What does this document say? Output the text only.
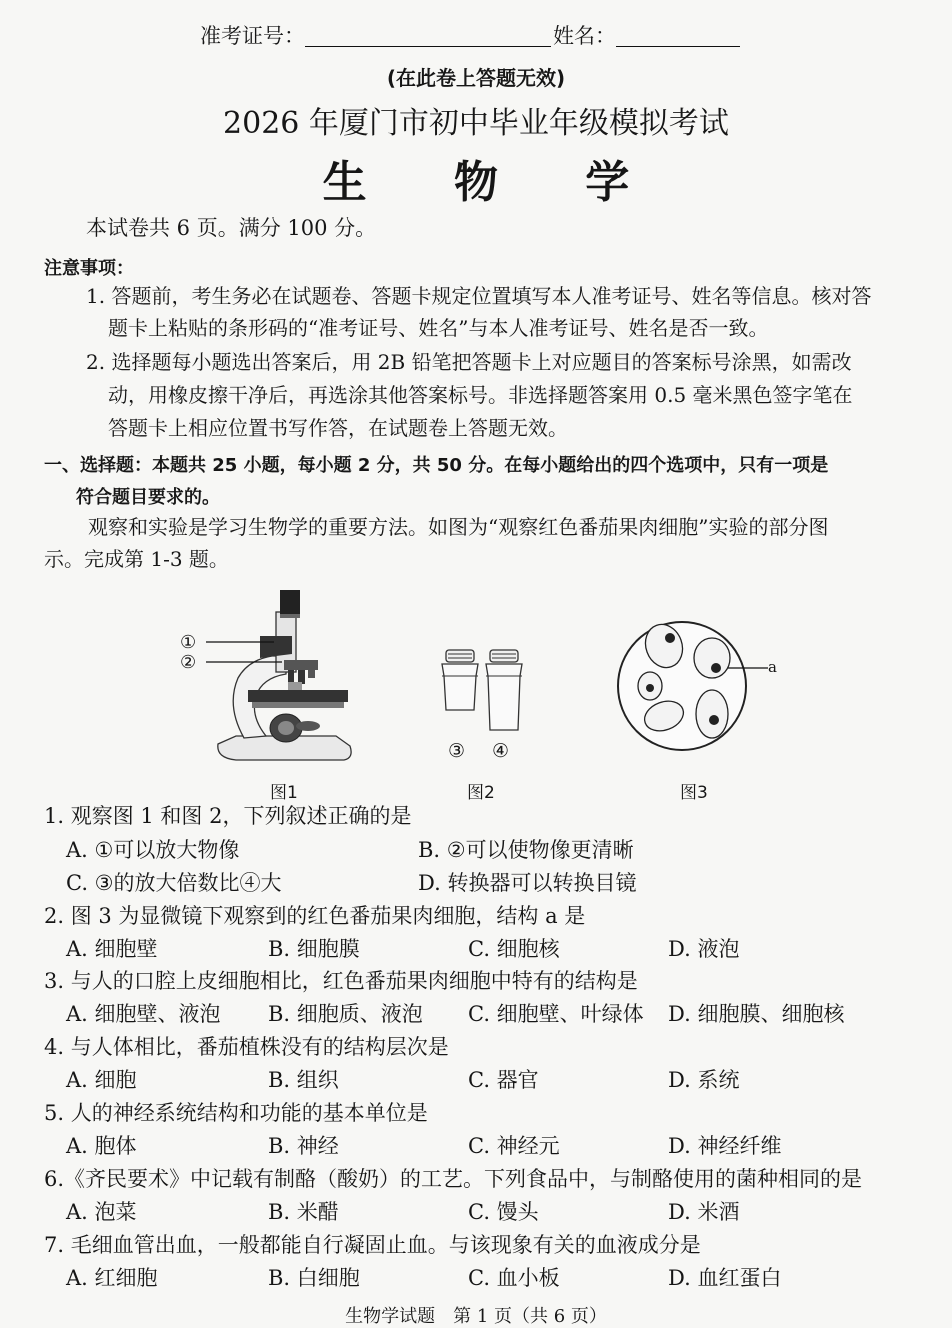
准考证号：	姓名：
(在此卷上答题无效)
2026 年厦门市初中毕业年级模拟考试
生 物 学
本试卷共 6 页。满分 100 分。
注意事项：
1. 答题前，考生务必在试题卷、答题卡规定位置填写本人准考证号、姓名等信息。核对答
题卡上粘贴的条形码的“准考证号、姓名”与本人准考证号、姓名是否一致。
2. 选择题每小题选出答案后，用 2B 铅笔把答题卡上对应题目的答案标号涂黑，如需改
动，用橡皮擦干净后，再选涂其他答案标号。非选择题答案用 0.5 毫米黑色签字笔在
答题卡上相应位置书写作答，在试题卷上答题无效。
一、选择题：本题共 25 小题，每小题 2 分，共 50 分。在每小题给出的四个选项中，只有一项是
符合题目要求的。
观察和实验是学习生物学的重要方法。如图为“观察红色番茄果肉细胞”实验的部分图
示。完成第 1-3 题。
①
②
图1
③ ④
图2
a
图3
1. 观察图 1 和图 2，下列叙述正确的是
A. ①可以放大物像	B. ②可以使物像更清晰
C. ③的放大倍数比④大	D. 转换器可以转换目镜
2. 图 3 为显微镜下观察到的红色番茄果肉细胞，结构 a 是
A. 细胞壁	B. 细胞膜	C. 细胞核	D. 液泡
3. 与人的口腔上皮细胞相比，红色番茄果肉细胞中特有的结构是
A. 细胞壁、液泡 B. 细胞质、液泡 C. 细胞壁、叶绿体 D. 细胞膜、细胞核
4. 与人体相比，番茄植株没有的结构层次是
A. 细胞	B. 组织	C. 器官	D. 系统
5. 人的神经系统结构和功能的基本单位是
A. 胞体	B. 神经	C. 神经元	D. 神经纤维
6.《齐民要术》中记载有制酪（酸奶）的工艺。下列食品中，与制酪使用的菌种相同的是
A. 泡菜	B. 米醋	C. 馒头	D. 米酒
7. 毛细血管出血，一般都能自行凝固止血。与该现象有关的血液成分是
A. 红细胞	B. 白细胞	C. 血小板	D. 血红蛋白
生物学试题　第 1 页（共 6 页）
